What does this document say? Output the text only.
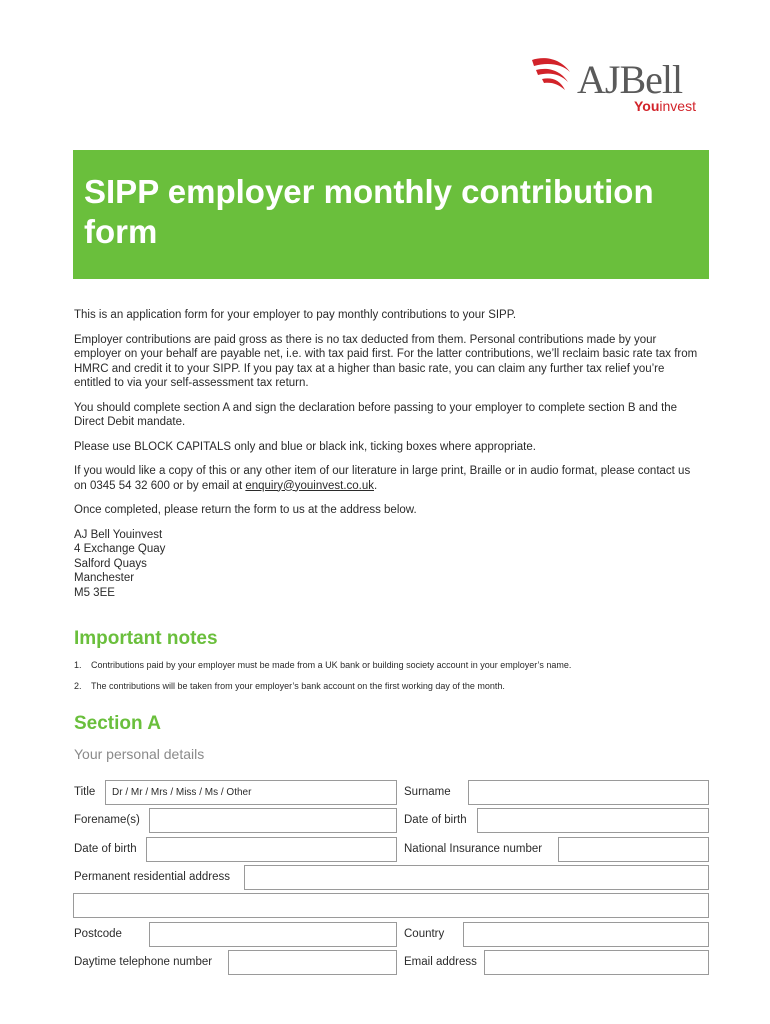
AJBell
Youinvest
SIPP employer monthly contribution form

This is an application form for your employer to pay monthly contributions to your SIPP.

Employer contributions are paid gross as there is no tax deducted from them. Personal contributions made by your employer on your behalf are payable net, i.e. with tax paid first. For the latter contributions, we’ll reclaim basic rate tax from HMRC and credit it to your SIPP. If you pay tax at a higher than basic rate, you can claim any further tax relief you’re entitled to via your self-assessment tax return.

You should complete section A and sign the declaration before passing to your employer to complete section B and the Direct Debit mandate.

Please use BLOCK CAPITALS only and blue or black ink, ticking boxes where appropriate.

If you would like a copy of this or any other item of our literature in large print, Braille or in audio format, please contact us on 0345 54 32 600 or by email at enquiry@youinvest.co.uk.

Once completed, please return the form to us at the address below.

AJ Bell Youinvest
4 Exchange Quay
Salford Quays
Manchester
M5 3EE
Important notes
1.	Contributions paid by your employer must be made from a UK bank or building society account in your employer’s name.
2.	The contributions will be taken from your employer’s bank account on the first working day of the month.
Section A
Your personal details
Title	Dr / Mr / Mrs / Miss / Ms / Other	Surname
Forename(s)	Date of birth
Date of birth	National Insurance number
Permanent residential address
Postcode	Country
Daytime telephone number	Email address
